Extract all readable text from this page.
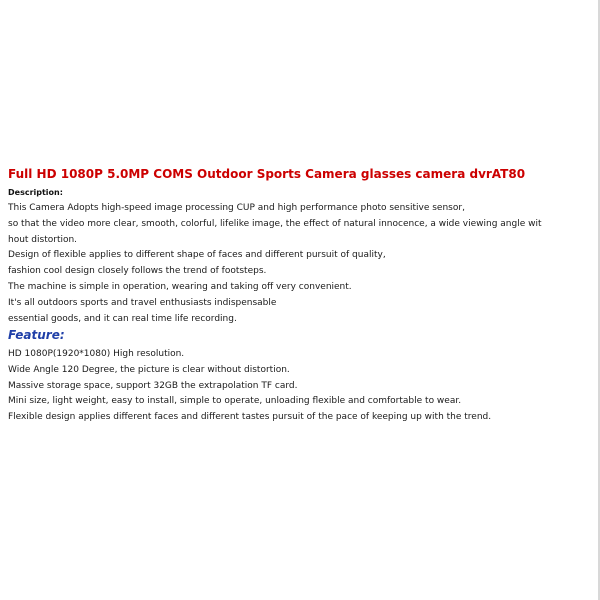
Full HD 1080P 5.0MP COMS Outdoor Sports Camera glasses camera dvrAT80
Description:
This Camera Adopts high-speed image processing CUP and high performance photo sensitive sensor,
so that the video more clear, smooth, colorful, lifelike image, the effect of natural innocence, a wide viewing angle wit
hout distortion.
Design of flexible applies to different shape of faces and different pursuit of quality,
fashion cool design closely follows the trend of footsteps.
The machine is simple in operation, wearing and taking off very convenient.
It's all outdoors sports and travel enthusiasts indispensable
essential goods, and it can real time life recording.
Feature:
HD 1080P(1920*1080) High resolution.
Wide Angle 120 Degree, the picture is clear without distortion.
Massive storage space, support 32GB the extrapolation TF card.
Mini size, light weight, easy to install, simple to operate, unloading flexible and comfortable to wear.
Flexible design applies different faces and different tastes pursuit of the pace of keeping up with the trend.
